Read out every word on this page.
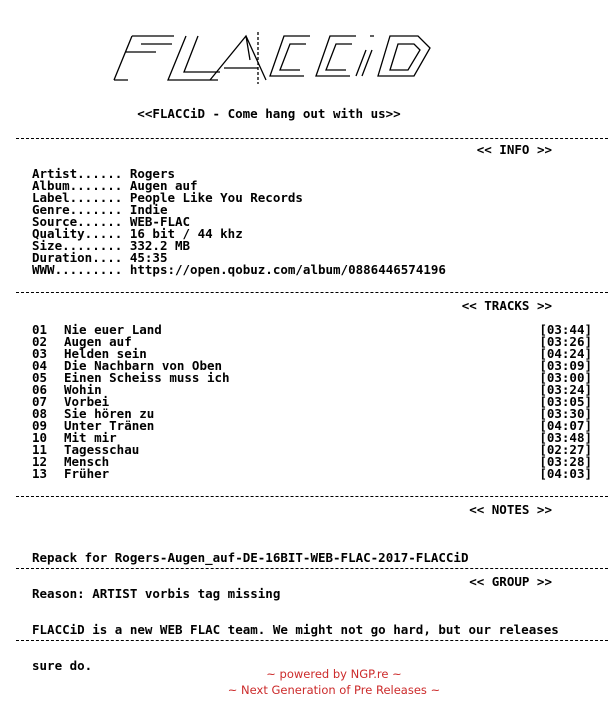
<<FLACCiD - Come hang out with us>>
<< INFO >>
Artist...... Rogers
Album....... Augen auf
Label....... People Like You Records
Genre....... Indie
Source...... WEB-FLAC
Quality..... 16 bit / 44 khz
Size........ 332.2 MB
Duration.... 45:35
WWW......... https://open.qobuz.com/album/0886446574196
<< TRACKS >>
01 Nie euer Land	[03:44]
02 Augen auf	[03:26]
03 Helden sein	[04:24]
04 Die Nachbarn von Oben	[03:09]
05 Einen Scheiss muss ich	[03:00]
06 Wohin	[03:24]
07 Vorbei	[03:05]
08 Sie hören zu	[03:30]
09 Unter Tränen	[04:07]
10 Mit mir	[03:48]
11 Tagesschau	[02:27]
12 Mensch	[03:28]
13 Früher	[04:03]
<< NOTES >>

Repack for Rogers-Augen_auf-DE-16BIT-WEB-FLAC-2017-FLACCiD

Reason: ARTIST vorbis tag missing

<< GROUP >>

FLACCiD is a new WEB FLAC team. We might not go hard, but our releases

sure do.

~ powered by NGP.re ~
~ Next Generation of Pre Releases ~
